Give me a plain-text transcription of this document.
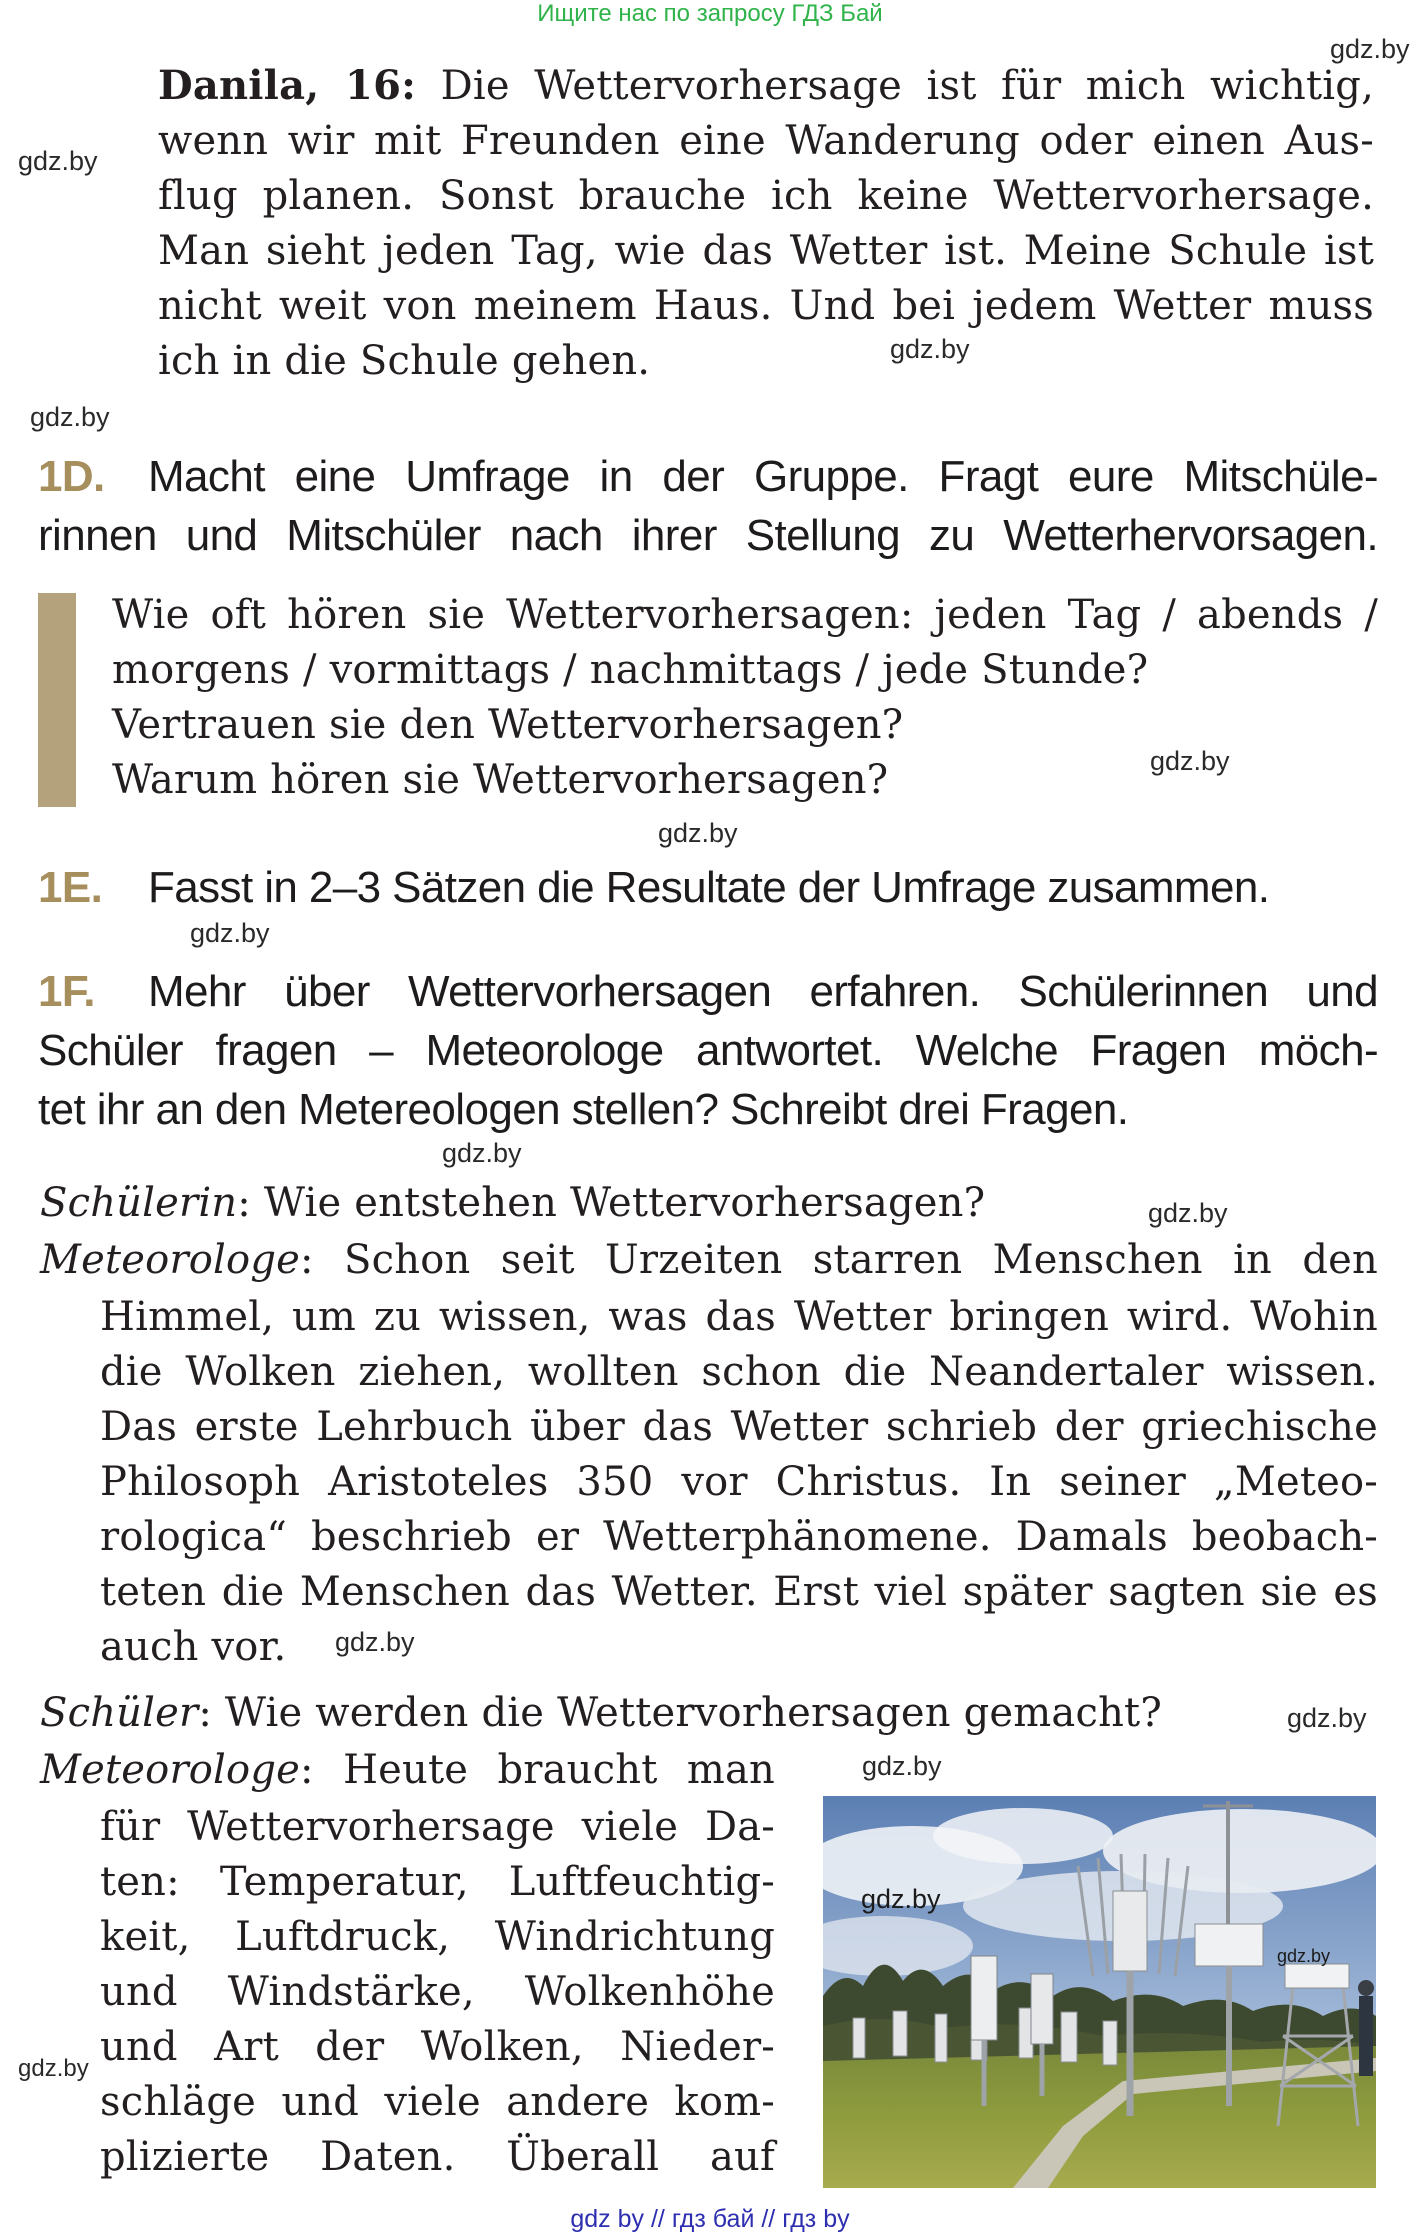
Ищите нас по запросу ГДЗ Бай
gdz.by
gdz.by
gdz.by
gdz.by
gdz.by
gdz.by
gdz.by
gdz.by
gdz.by
gdz.by
gdz.by
gdz.by
gdz.by
Danila, 16: Die Wettervorhersage ist für mich wichtig,
wenn wir mit Freunden eine Wanderung oder einen Aus-
flug planen. Sonst brauche ich keine Wettervorhersage.
Man sieht jeden Tag, wie das Wetter ist. Meine Schule ist
nicht weit von meinem Haus. Und bei jedem Wetter muss
ich in die Schule gehen.
1D. Macht eine Umfrage in der Gruppe. Fragt eure Mitschüle-
rinnen und Mitschüler nach ihrer Stellung zu Wetterhervorsagen.
Wie oft hören sie Wettervorhersagen: jeden Tag / abends /
morgens / vormittags / nachmittags / jede Stunde?
Vertrauen sie den Wettervorhersagen?
Warum hören sie Wettervorhersagen?
1E. Fasst in 2–3 Sätzen die Resultate der Umfrage zusammen.
1F. Mehr über Wettervorhersagen erfahren. Schülerinnen und
Schüler fragen – Meteorologe antwortet. Welche Fragen möch-
tet ihr an den Metereologen stellen? Schreibt drei Fragen.
Schülerin: Wie entstehen Wettervorhersagen?
Meteorologe: Schon seit Urzeiten starren Menschen in den
Himmel, um zu wissen, was das Wetter bringen wird. Wohin
die Wolken ziehen, wollten schon die Neandertaler wissen.
Das erste Lehrbuch über das Wetter schrieb der griechische
Philosoph Aristoteles 350 vor Christus. In seiner „Meteo-
rologica“ beschrieb er Wetterphänomene. Damals beobach-
teten die Menschen das Wetter. Erst viel später sagten sie es
auch vor.
Schüler: Wie werden die Wettervorhersagen gemacht?
Meteorologe: Heute braucht man
für Wettervorhersage viele Da-
ten: Temperatur, Luftfeuchtig-
keit, Luftdruck, Windrichtung
und Windstärke, Wolkenhöhe
und Art der Wolken, Nieder-
schläge und viele andere kom-
plizierte Daten. Überall auf
gdz.by
gdz.by
gdz by // гдз бай // гдз by
